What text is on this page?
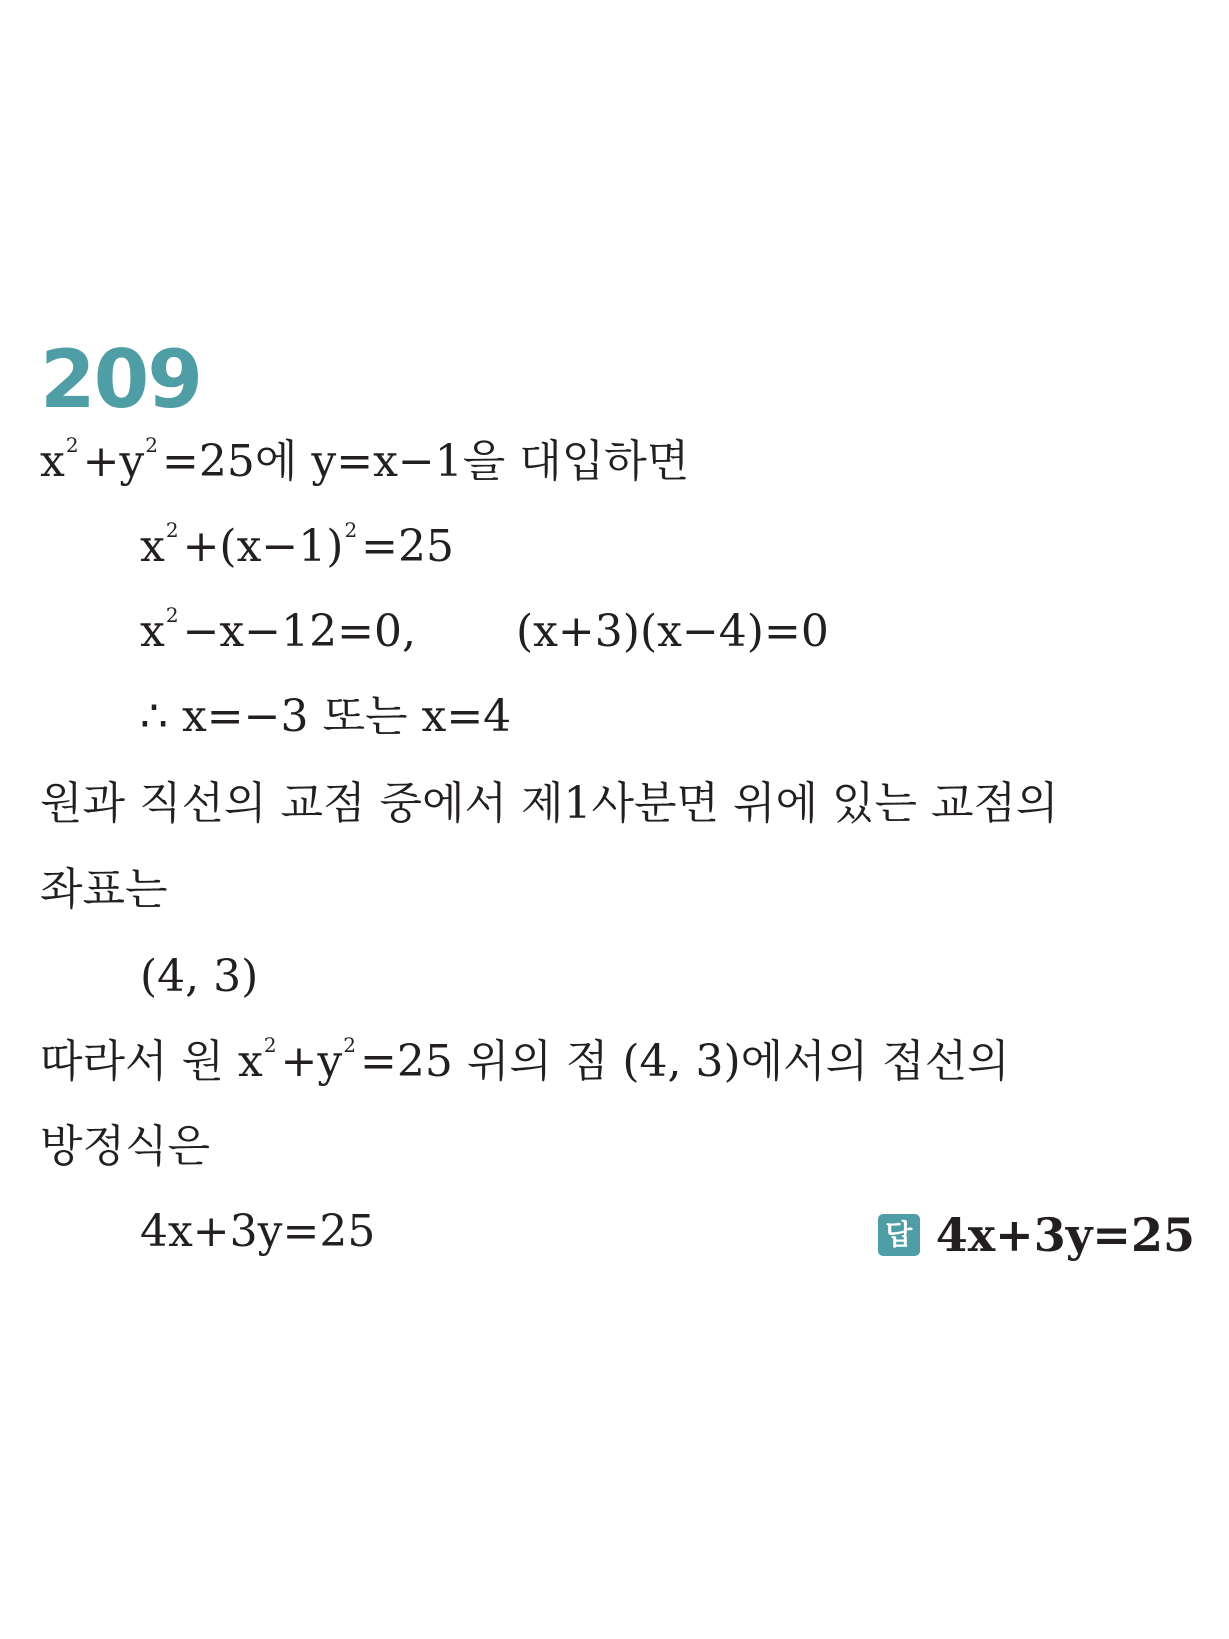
209
$x^2+y^2=25$에 y=x−1을 대입하면
$x^2+(x-1)^2=25$
$x^2-x-12=0$, (x+3)(x−4)=0
∴ x=−3 또는 x=4
원과 직선의 교점 중에서 제1사분면 위에 있는 교점의
좌표는
(4, 3)
따라서 원 $x^2+y^2=25$ 위의 점 (4, 3)에서의 접선의
방정식은
4x+3y=25	답 4x+3y=25
